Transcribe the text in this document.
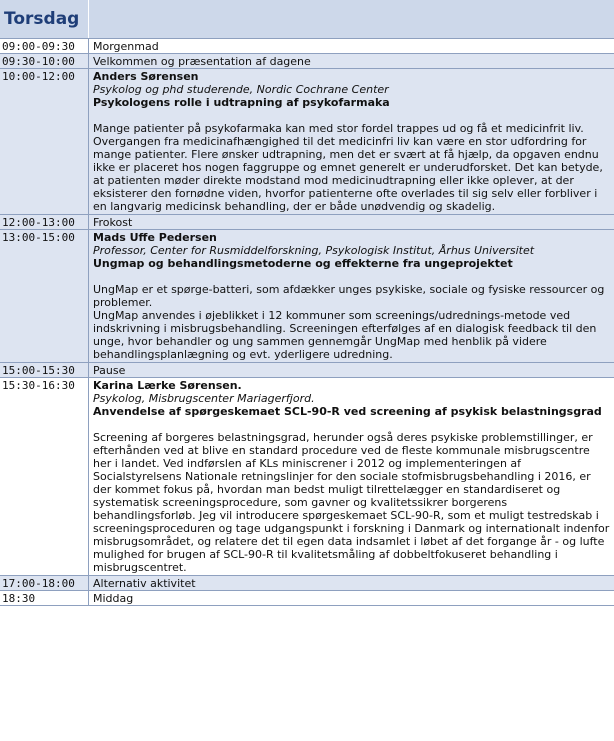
Torsdag	
09:00-09:30	Morgenmad
09:30-10:00	Velkommen og præsentation af dagene
10:00-12:00	Anders Sørensen
Psykolog og phd studerende, Nordic Cochrane Center
Psykologens rolle i udtrapning af psykofarmaka

Mange patienter på psykofarmaka kan med stor fordel trappes ud og få et medicinfrit liv. Overgangen fra medicinafhængighed til det medicinfri liv kan være en stor udfordring for mange patienter. Flere ønsker udtrapning, men det er svært at få hjælp, da opgaven endnu ikke er placeret hos nogen faggruppe og emnet generelt er underudforsket. Det kan betyde, at patienten møder direkte modstand mod medicinudtrapning eller ikke oplever, at der eksisterer den fornødne viden, hvorfor patienterne ofte overlades til sig selv eller forbliver i en langvarig medicinsk behandling, der er både unødvendig og skadelig.

12:00-13:00	Frokost
13:00-15:00	Mads Uffe Pedersen
Professor, Center for Rusmiddelforskning, Psykologisk Institut, Århus Universitet
Ungmap og behandlingsmetoderne og effekterne fra ungeprojektet

UngMap er et spørge-batteri, som afdækker unges psykiske, sociale og fysiske ressourcer og problemer.

UngMap anvendes i øjeblikket i 12 kommuner som screenings/udrednings-metode ved indskrivning i misbrugsbehandling. Screeningen efterfølges af en dialogisk feedback til den unge, hvor behandler og ung sammen gennemgår UngMap med henblik på videre behandlingsplanlægning og evt. yderligere udredning.

15:00-15:30	Pause
15:30-16:30	Karina Lærke Sørensen.
Psykolog, Misbrugscenter Mariagerfjord.
Anvendelse af spørgeskemaet SCL-90-R ved screening af psykisk belastningsgrad

Screening af borgeres belastningsgrad, herunder også deres psykiske problemstillinger, er efterhånden ved at blive en standard procedure ved de fleste kommunale misbrugscentre her i landet. Ved indførslen af KLs miniscrener i 2012 og implementeringen af Socialstyrelsens Nationale retningslinjer for den sociale stofmisbrugsbehandling i 2016, er der kommet fokus på, hvordan man bedst muligt tilrettelægger en standardiseret og systematisk screeningsprocedure, som gavner og kvalitetssikrer borgerens behandlingsforløb. Jeg vil introducere spørgeskemaet SCL-90-R, som et muligt testredskab i screeningsproceduren og tage udgangspunkt i forskning i Danmark og internationalt indenfor misbrugsområdet, og relatere det til egen data indsamlet i løbet af det forgange år - og lufte mulighed for brugen af SCL-90-R til kvalitetsmåling af dobbeltfokuseret behandling i misbrugscentret.

17:00-18:00	Alternativ aktivitet
18:30	Middag
